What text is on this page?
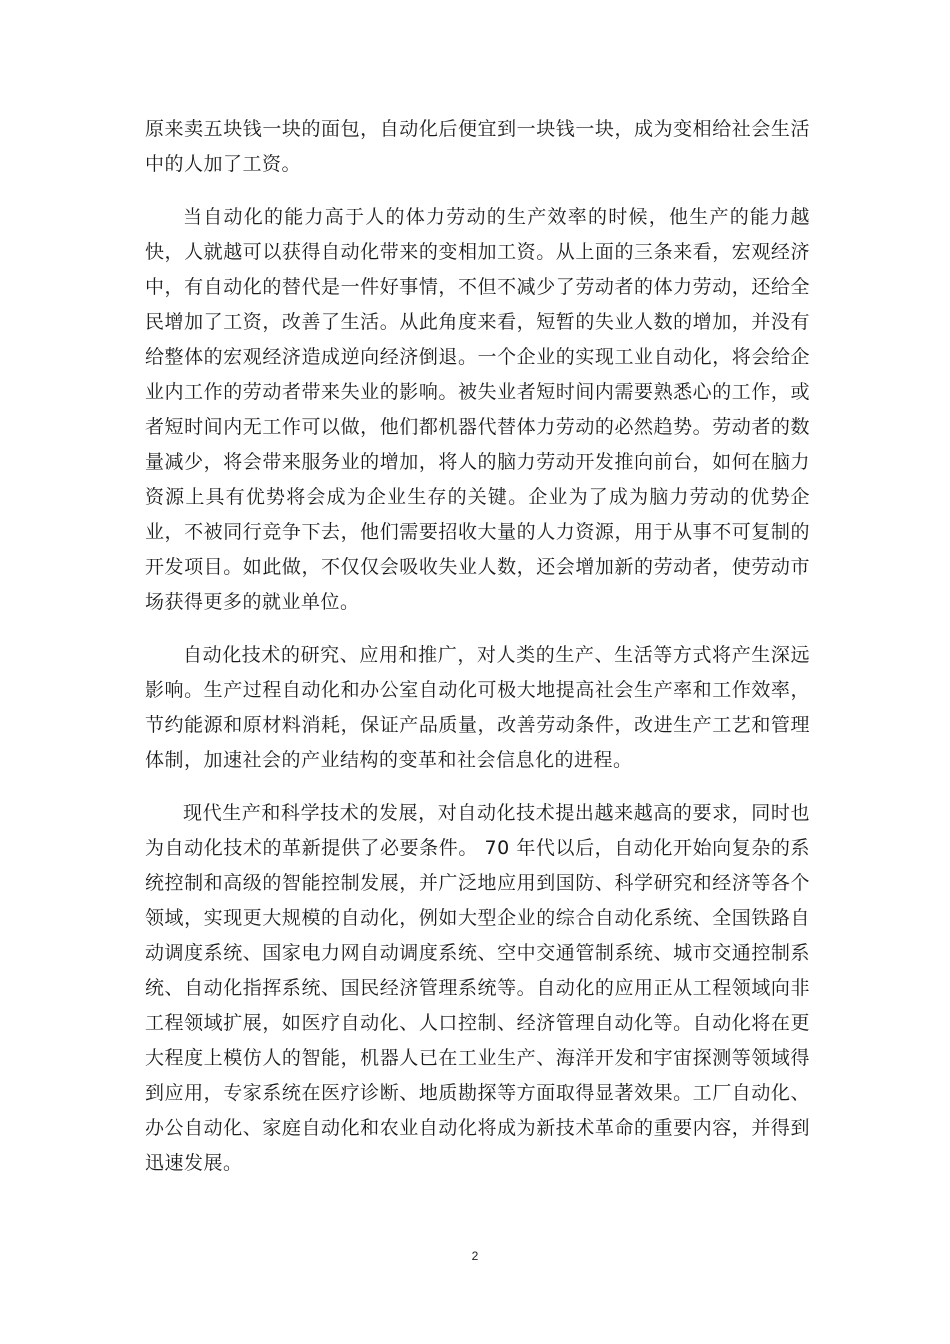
原来卖五块钱一块的面包，自动化后便宜到一块钱一块，成为变相给社会生活中的人加了工资。

当自动化的能力高于人的体力劳动的生产效率的时候，他生产的能力越快，人就越可以获得自动化带来的变相加工资。从上面的三条来看，宏观经济中，有自动化的替代是一件好事情，不但不减少了劳动者的体力劳动，还给全民增加了工资，改善了生活。从此角度来看，短暂的失业人数的增加，并没有给整体的宏观经济造成逆向经济倒退。一个企业的实现工业自动化，将会给企业内工作的劳动者带来失业的影响。被失业者短时间内需要熟悉心的工作，或者短时间内无工作可以做，他们都机器代替体力劳动的必然趋势。劳动者的数量减少，将会带来服务业的增加，将人的脑力劳动开发推向前台，如何在脑力资源上具有优势将会成为企业生存的关键。企业为了成为脑力劳动的优势企业，不被同行竞争下去，他们需要招收大量的人力资源，用于从事不可复制的开发项目。如此做，不仅仅会吸收失业人数，还会增加新的劳动者，使劳动市场获得更多的就业单位。

自动化技术的研究、应用和推广，对人类的生产、生活等方式将产生深远影响。生产过程自动化和办公室自动化可极大地提高社会生产率和工作效率， 节约能源和原材料消耗，保证产品质量，改善劳动条件，改进生产工艺和管理体制，加速社会的产业结构的变革和社会信息化的进程。

现代生产和科学技术的发展，对自动化技术提出越来越高的要求，同时也为自动化技术的革新提供了必要条件。 70 年代以后，自动化开始向复杂的系统控制和高级的智能控制发展，并广泛地应用到国防、科学研究和经济等各个领域，实现更大规模的自动化，例如大型企业的综合自动化系统、全国铁路自动调度系统、国家电力网自动调度系统、空中交通管制系统、城市交通控制系统、自动化指挥系统、国民经济管理系统等。自动化的应用正从工程领域向非工程领域扩展，如医疗自动化、人口控制、经济管理自动化等。自动化将在更大程度上模仿人的智能，机器人已在工业生产、海洋开发和宇宙探测等领域得到应用，专家系统在医疗诊断、地质勘探等方面取得显著效果。工厂自动化、办公自动化、家庭自动化和农业自动化将成为新技术革命的重要内容，并得到迅速发展。

2
